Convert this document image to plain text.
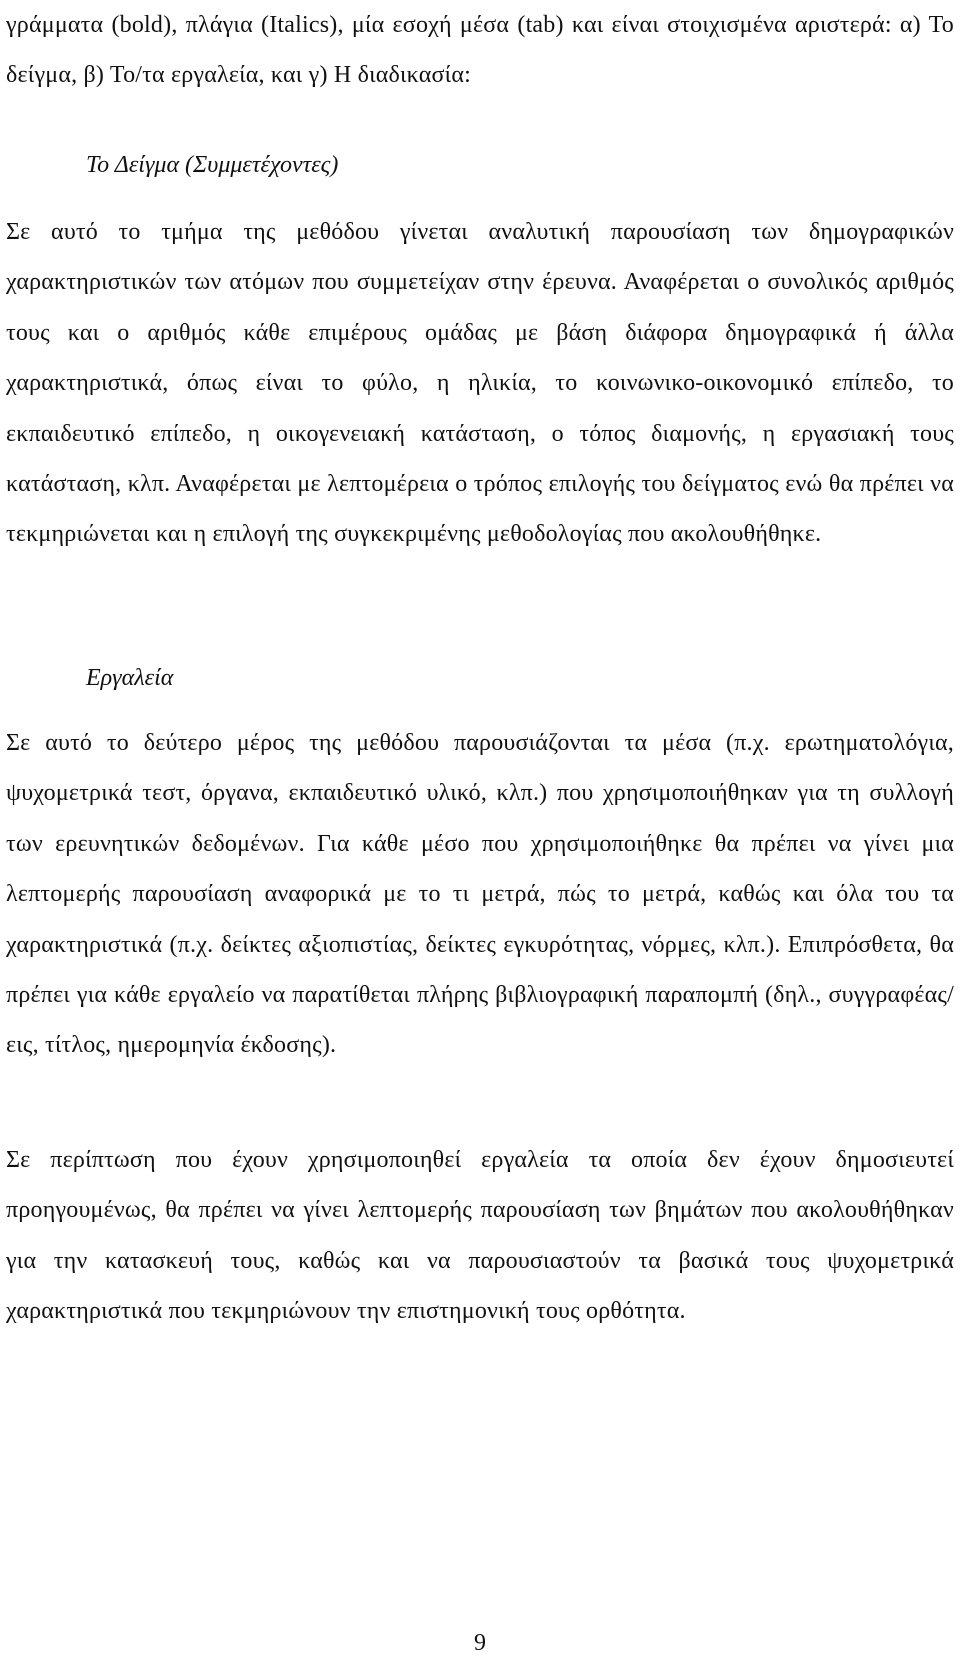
γράμματα (bold), πλάγια (Italics), μία εσοχή μέσα (tab) και είναι στοιχισμένα αριστερά: α) Το δείγμα, β) Το/τα εργαλεία, και γ) Η διαδικασία:

Το Δείγμα (Συμμετέχοντες)

Σε αυτό το τμήμα της μεθόδου γίνεται αναλυτική παρουσίαση των δημογραφικών χαρακτηριστικών των ατόμων που συμμετείχαν στην έρευνα. Αναφέρεται ο συνολικός αριθμός τους και ο αριθμός κάθε επιμέρους ομάδας με βάση διάφορα δημογραφικά ή άλλα χαρακτηριστικά, όπως είναι το φύλο, η ηλικία, το κοινωνικο-οικονομικό επίπεδο, το εκπαιδευτικό επίπεδο, η οικογενειακή κατάσταση, ο τόπος διαμονής, η εργασιακή τους κατάσταση, κλπ. Αναφέρεται με λεπτομέρεια ο τρόπος επιλογής του δείγματος ενώ θα πρέπει να τεκμηριώνεται και η επιλογή της συγκεκριμένης μεθοδολογίας που ακολουθήθηκε.

Εργαλεία

Σε αυτό το δεύτερο μέρος της μεθόδου παρουσιάζονται τα μέσα (π.χ. ερωτηματολόγια, ψυχομετρικά τεστ, όργανα, εκπαιδευτικό υλικό, κλπ.) που χρησιμοποιήθηκαν για τη συλλογή των ερευνητικών δεδομένων. Για κάθε μέσο που χρησιμοποιήθηκε θα πρέπει να γίνει μια λεπτομερής παρουσίαση αναφορικά με το τι μετρά, πώς το μετρά, καθώς και όλα του τα χαρακτηριστικά (π.χ. δείκτες αξιοπιστίας, δείκτες εγκυρότητας, νόρμες, κλπ.). Επιπρόσθετα, θα πρέπει για κάθε εργαλείο να παρατίθεται πλήρης βιβλιογραφική παραπομπή (δηλ., συγγραφέας/εις, τίτλος, ημερομηνία έκδοσης).

Σε περίπτωση που έχουν χρησιμοποιηθεί εργαλεία τα οποία δεν έχουν δημοσιευτεί προηγουμένως, θα πρέπει να γίνει λεπτομερής παρουσίαση των βημάτων που ακολουθήθηκαν για την κατασκευή τους, καθώς και να παρουσιαστούν τα βασικά τους ψυχομετρικά χαρακτηριστικά που τεκμηριώνουν την επιστημονική τους ορθότητα.

9
